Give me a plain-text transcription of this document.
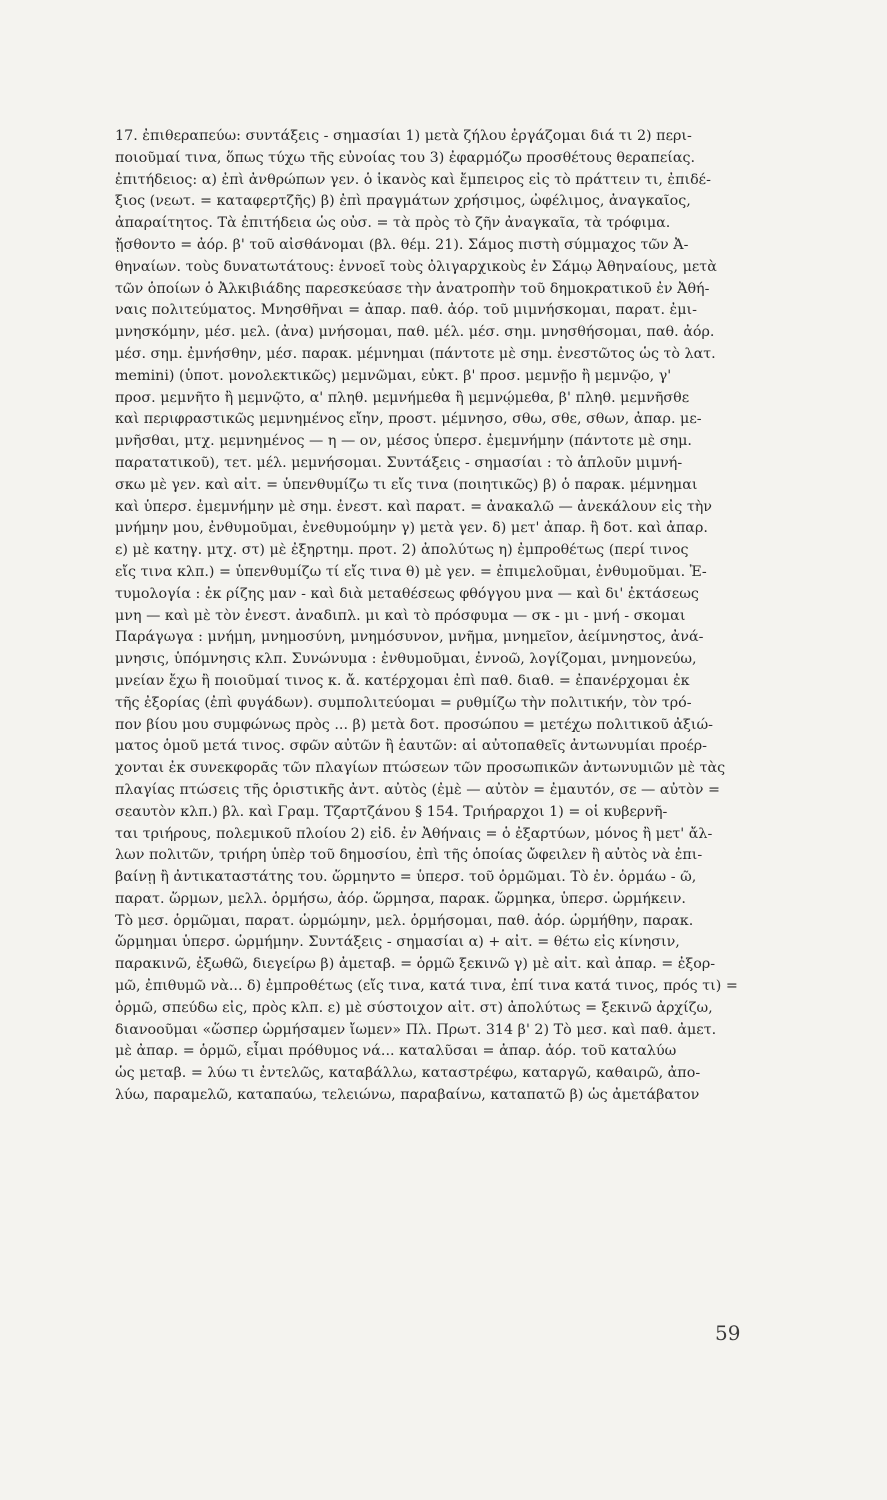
17. ἐπιθεραπεύω: συντάξεις - σημασίαι 1) μετὰ ζήλου ἐργάζομαι διά τι 2) περι-
ποιοῦμαί τινα, ὅπως τύχω τῆς εὐνοίας του 3) ἐφαρμόζω προσθέτους θεραπείας.
ἐπιτήδειος: α) ἐπὶ ἀνθρώπων γεν. ὁ ἱκανὸς καὶ ἔμπειρος εἰς τὸ πράττειν τι, ἐπιδέ-
ξιος (νεωτ. = καταφερτζῆς) β) ἐπὶ πραγμάτων χρήσιμος, ὠφέλιμος, ἀναγκαῖος,
ἀπαραίτητος. Τὰ ἐπιτήδεια ὡς οὐσ. = τὰ πρὸς τὸ ζῆν ἀναγκαῖα, τὰ τρόφιμα.
ᾔσθοντο = ἀόρ. β' τοῦ αἰσθάνομαι (βλ. θέμ. 21). Σάμος πιστὴ σύμμαχος τῶν Ἀ-
θηναίων. τοὺς δυνατωτάτους: ἐννοεῖ τοὺς ὀλιγαρχικοὺς ἐν Σάμῳ Ἀθηναίους, μετὰ
τῶν ὁποίων ὁ Ἀλκιβιάδης παρεσκεύασε τὴν ἀνατροπὴν τοῦ δημοκρατικοῦ ἐν Ἀθή-
ναις πολιτεύματος. Μνησθῆναι = ἀπαρ. παθ. ἀόρ. τοῦ μιμνήσκομαι, παρατ. ἐμι-
μνησκόμην, μέσ. μελ. (ἀνα) μνήσομαι, παθ. μέλ. μέσ. σημ. μνησθήσομαι, παθ. ἀόρ.
μέσ. σημ. ἐμνήσθην, μέσ. παρακ. μέμνημαι (πάντοτε μὲ σημ. ἐνεστῶτος ὡς τὸ λατ.
memini) (ὑποτ. μονολεκτικῶς) μεμνῶμαι, εὐκτ. β' προσ. μεμνῇο ἢ μεμνῷο, γ'
προσ. μεμνῆτο ἢ μεμνῷτο, α' πληθ. μεμνήμεθα ἢ μεμνῴμεθα, β' πληθ. μεμνῆσθε
καὶ περιφραστικῶς μεμνημένος εἴην, προστ. μέμνησο, σθω, σθε, σθων, ἀπαρ. με-
μνῆσθαι, μτχ. μεμνημένος — η — ον, μέσος ὑπερσ. ἐμεμνήμην (πάντοτε μὲ σημ.
παρατατικοῦ), τετ. μέλ. μεμνήσομαι. Συντάξεις - σημασίαι : τὸ ἁπλοῦν μιμνή-
σκω μὲ γεν. καὶ αἰτ. = ὑπενθυμίζω τι εἴς τινα (ποιητικῶς) β) ὁ παρακ. μέμνημαι
καὶ ὑπερσ. ἐμεμνήμην μὲ σημ. ἐνεστ. καὶ παρατ. = ἀνακαλῶ — ἀνεκάλουν εἰς τὴν
μνήμην μου, ἐνθυμοῦμαι, ἐνεθυμούμην γ) μετὰ γεν. δ) μετ' ἀπαρ. ἢ δοτ. καὶ ἀπαρ.
ε) μὲ κατηγ. μτχ. στ) μὲ ἐξηρτημ. προτ. 2) ἀπολύτως η) ἐμπροθέτως (περί τινος
εἴς τινα κλπ.) = ὑπενθυμίζω τί εἴς τινα θ) μὲ γεν. = ἐπιμελοῦμαι, ἐνθυμοῦμαι. Ἐ-
τυμολογία : ἐκ ρίζης μαν - καὶ διὰ μεταθέσεως φθόγγου μνα — καὶ δι' ἐκτάσεως
μνη — καὶ μὲ τὸν ἐνεστ. ἀναδιπλ. μι καὶ τὸ πρόσφυμα — σκ - μι - μνή - σκομαι
Παράγωγα : μνήμη, μνημοσύνη, μνημόσυνον, μνῆμα, μνημεῖον, ἀείμνηστος, ἀνά-
μνησις, ὑπόμνησις κλπ. Συνώνυμα : ἐνθυμοῦμαι, ἐννοῶ, λογίζομαι, μνημονεύω,
μνείαν ἔχω ἢ ποιοῦμαί τινος κ. ἄ. κατέρχομαι ἐπὶ παθ. διαθ. = ἐπανέρχομαι ἐκ
τῆς ἐξορίας (ἐπὶ φυγάδων). συμπολιτεύομαι = ρυθμίζω τὴν πολιτικήν, τὸν τρό-
πον βίου μου συμφώνως πρὸς ... β) μετὰ δοτ. προσώπου = μετέχω πολιτικοῦ ἀξιώ-
ματος ὁμοῦ μετά τινος. σφῶν αὐτῶν ἢ ἑαυτῶν: αἱ αὐτοπαθεῖς ἀντωνυμίαι προέρ-
χονται ἐκ συνεκφορᾶς τῶν πλαγίων πτώσεων τῶν προσωπικῶν ἀντωνυμιῶν μὲ τὰς
πλαγίας πτώσεις τῆς ὁριστικῆς ἀντ. αὐτὸς (ἐμὲ — αὐτὸν = ἐμαυτόν, σε — αὐτὸν =
σεαυτὸν κλπ.) βλ. καὶ Γραμ. Τζαρτζάνου § 154. Τριήραρχοι 1) = οἱ κυβερνῆ-
ται τριήρους, πολεμικοῦ πλοίου 2) εἰδ. ἐν Ἀθήναις = ὁ ἐξαρτύων, μόνος ἢ μετ' ἄλ-
λων πολιτῶν, τριήρη ὑπὲρ τοῦ δημοσίου, ἐπὶ τῆς ὁποίας ὤφειλεν ἢ αὐτὸς νὰ ἐπι-
βαίνῃ ἢ ἀντικαταστάτης του. ὥρμηντο = ὑπερσ. τοῦ ὁρμῶμαι. Τὸ ἐν. ὁρμάω - ῶ,
παρατ. ὥρμων, μελλ. ὁρμήσω, ἀόρ. ὥρμησα, παρακ. ὥρμηκα, ὑπερσ. ὡρμήκειν.
Τὸ μεσ. ὁρμῶμαι, παρατ. ὡρμώμην, μελ. ὁρμήσομαι, παθ. ἀόρ. ὡρμήθην, παρακ.
ὥρμημαι ὑπερσ. ὡρμήμην. Συντάξεις - σημασίαι α) + αἰτ. = θέτω εἰς κίνησιν,
παρακινῶ, ἐξωθῶ, διεγείρω β) ἀμεταβ. = ὁρμῶ ξεκινῶ γ) μὲ αἰτ. καὶ ἀπαρ. = ἐξορ-
μῶ, ἐπιθυμῶ νὰ... δ) ἐμπροθέτως (εἴς τινα, κατά τινα, ἐπί τινα κατά τινος, πρός τι) =
ὁρμῶ, σπεύδω εἰς, πρὸς κλπ. ε) μὲ σύστοιχον αἰτ. στ) ἀπολύτως = ξεκινῶ ἀρχίζω,
διανοοῦμαι «ὥσπερ ὡρμήσαμεν ἴωμεν» Πλ. Πρωτ. 314 β' 2) Τὸ μεσ. καὶ παθ. ἀμετ.
μὲ ἀπαρ. = ὁρμῶ, εἶμαι πρόθυμος νά... καταλῦσαι = ἀπαρ. ἀόρ. τοῦ καταλύω
ὡς μεταβ. = λύω τι ἐντελῶς, καταβάλλω, καταστρέφω, καταργῶ, καθαιρῶ, ἀπο-
λύω, παραμελῶ, καταπαύω, τελειώνω, παραβαίνω, καταπατῶ β) ὡς ἀμετάβατον
59
